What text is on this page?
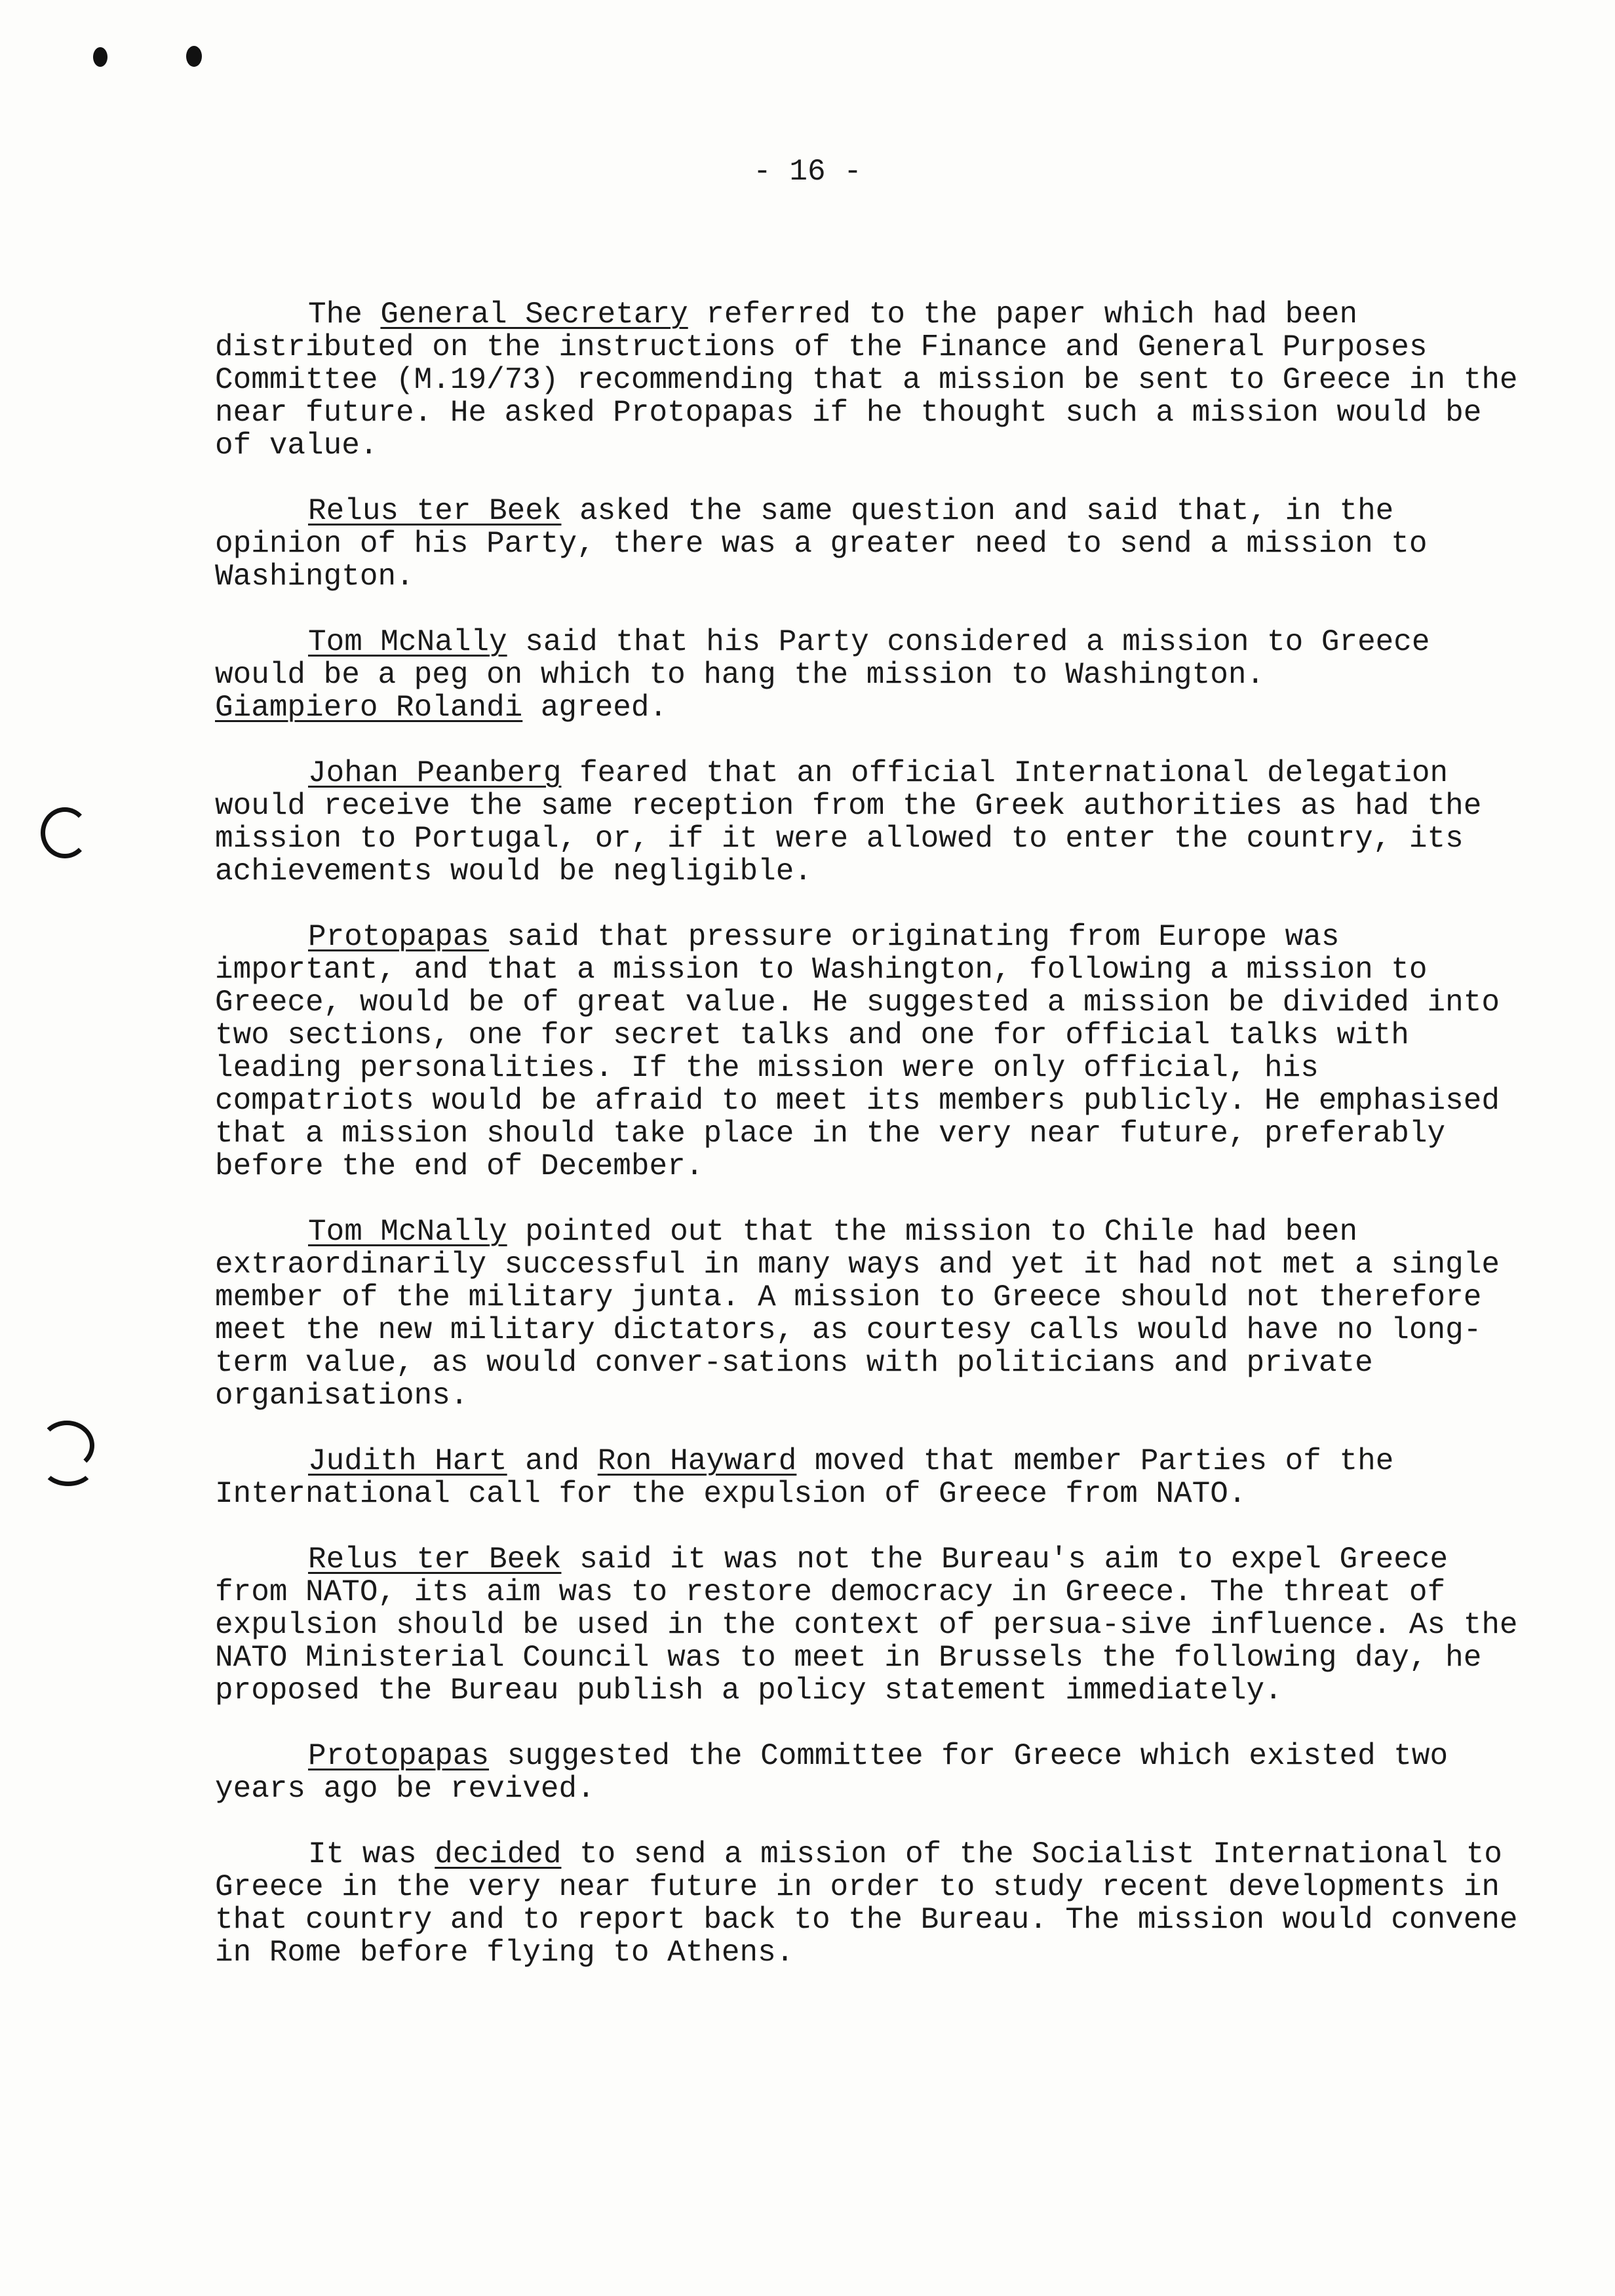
- 16 -

The General Secretary referred to the paper which had been distributed on the instructions of the Finance and General Purposes Committee (M.19/73) recommending that a mission be sent to Greece in the near future. He asked Protopapas if he thought such a mission would be of value.

Relus ter Beek asked the same question and said that, in the opinion of his Party, there was a greater need to send a mission to Washington.

Tom McNally said that his Party considered a mission to Greece would be a peg on which to hang the mission to Washington.
Giampiero Rolandi agreed.

Johan Peanberg feared that an official International delegation would receive the same reception from the Greek authorities as had the mission to Portugal, or, if it were allowed to enter the country, its achievements would be negligible.

Protopapas said that pressure originating from Europe was important, and that a mission to Washington, following a mission to Greece, would be of great value. He suggested a mission be divided into two sections, one for secret talks and one for official talks with leading personalities. If the mission were only official, his compatriots would be afraid to meet its members publicly. He emphasised that a mission should take place in the very near future, preferably before the end of December.

Tom McNally pointed out that the mission to Chile had been extraordinarily successful in many ways and yet it had not met a single member of the military junta. A mission to Greece should not therefore meet the new military dictators, as courtesy calls would have no long-term value, as would conver-sations with politicians and private organisations.

Judith Hart and Ron Hayward moved that member Parties of the International call for the expulsion of Greece from NATO.

Relus ter Beek said it was not the Bureau's aim to expel Greece from NATO, its aim was to restore democracy in Greece. The threat of expulsion should be used in the context of persua-sive influence. As the NATO Ministerial Council was to meet in Brussels the following day, he proposed the Bureau publish a policy statement immediately.

Protopapas suggested the Committee for Greece which existed two years ago be revived.

It was decided to send a mission of the Socialist International to Greece in the very near future in order to study recent developments in that country and to report back to the Bureau. The mission would convene in Rome before flying to Athens.
